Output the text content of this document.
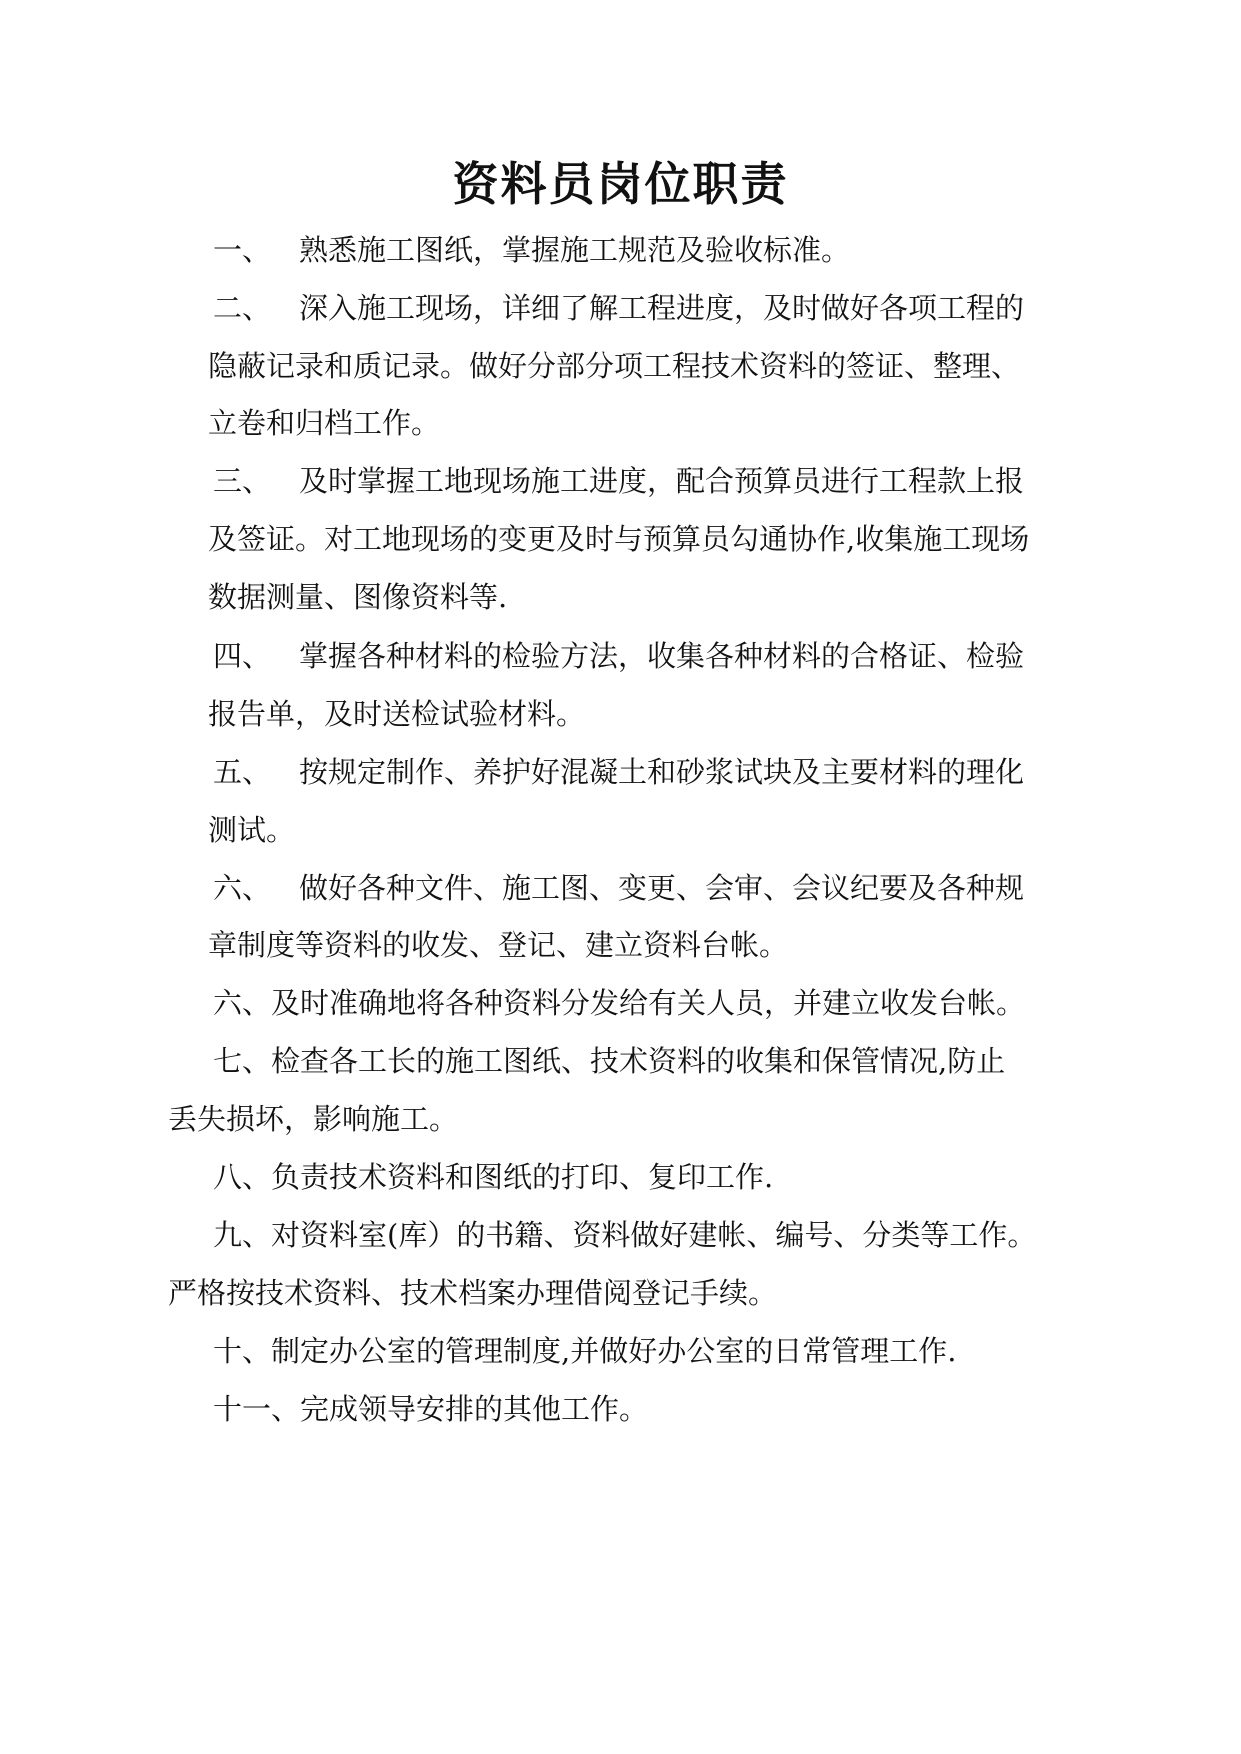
资料员岗位职责
一、 熟悉施工图纸，掌握施工规范及验收标准。
二、 深入施工现场，详细了解工程进度，及时做好各项工程的
隐蔽记录和质记录。做好分部分项工程技术资料的签证、整理、
立卷和归档工作。
三、 及时掌握工地现场施工进度，配合预算员进行工程款上报
及签证。对工地现场的变更及时与预算员勾通协作,收集施工现场
数据测量、图像资料等.
四、 掌握各种材料的检验方法，收集各种材料的合格证、检验
报告单，及时送检试验材料。
五、 按规定制作、养护好混凝土和砂浆试块及主要材料的理化
测试。
六、 做好各种文件、施工图、变更、会审、会议纪要及各种规
章制度等资料的收发、登记、建立资料台帐。
六、及时准确地将各种资料分发给有关人员，并建立收发台帐。
七、检查各工长的施工图纸、技术资料的收集和保管情况,防止
丢失损坏，影响施工。
八、负责技术资料和图纸的打印、复印工作.
九、对资料室(库）的书籍、资料做好建帐、编号、分类等工作。
严格按技术资料、技术档案办理借阅登记手续。
十、制定办公室的管理制度,并做好办公室的日常管理工作.
十一、完成领导安排的其他工作。
